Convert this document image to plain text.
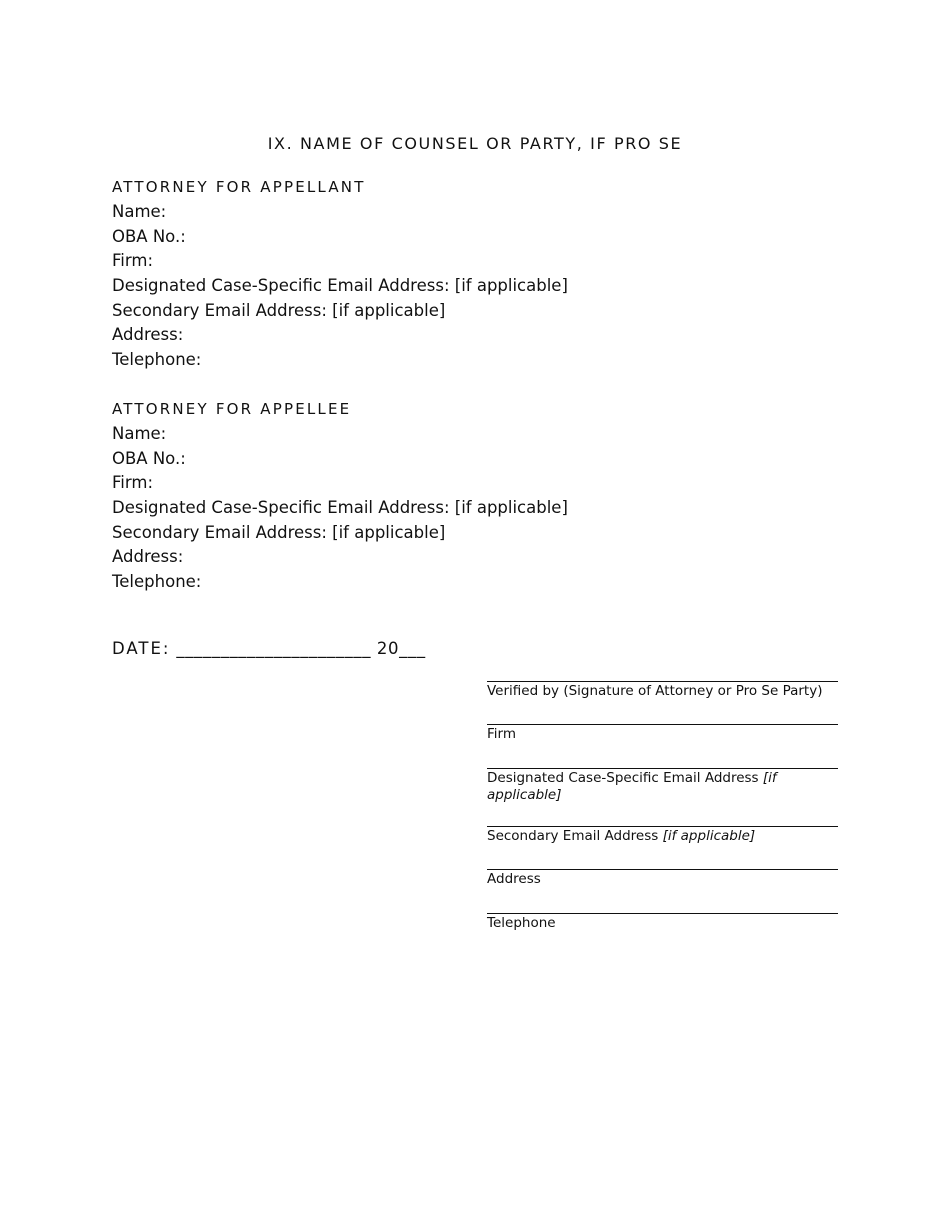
IX. NAME OF COUNSEL OR PARTY, IF PRO SE
ATTORNEY FOR APPELLANT
Name:
OBA No.:
Firm:
Designated Case-Specific Email Address: [if applicable]
Secondary Email Address: [if applicable]
Address:
Telephone:
ATTORNEY FOR APPELLEE
Name:
OBA No.:
Firm:
Designated Case-Specific Email Address: [if applicable]
Secondary Email Address: [if applicable]
Address:
Telephone:
DATE: ______________________ 20___
Verified by (Signature of Attorney or Pro Se Party)
Firm
Designated Case-Specific Email Address [if applicable]
Secondary Email Address [if applicable]
Address
Telephone
